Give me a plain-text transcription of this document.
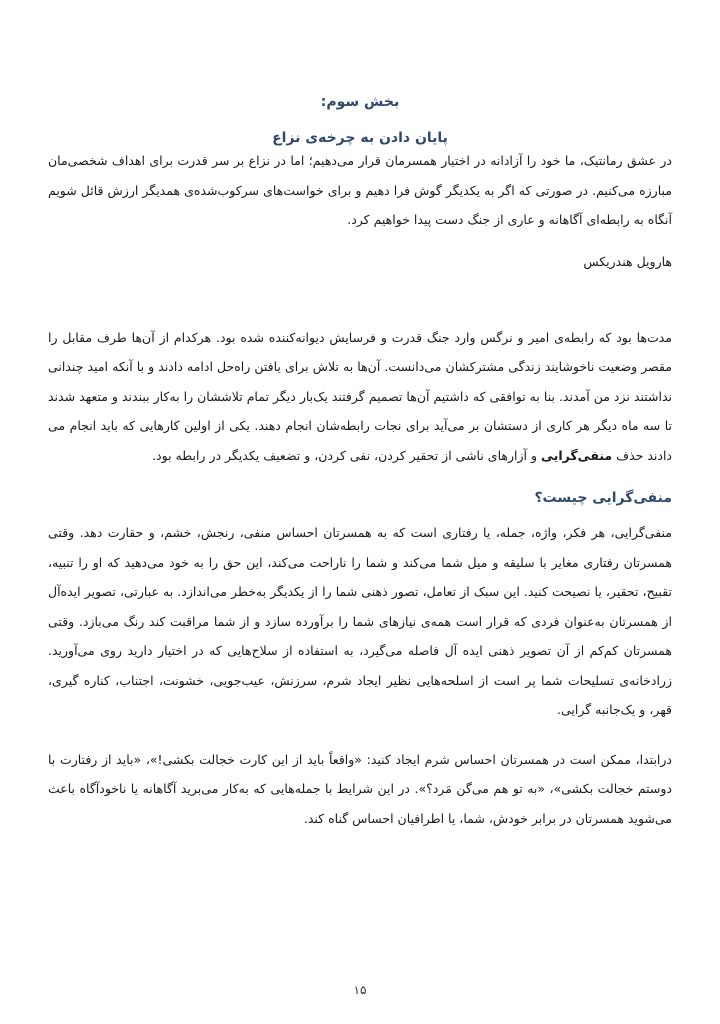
بخش سوم:
پایان دادن به چرخه‌ی نزاع

در عشق رمانتیک، ما خود را آزادانه در اختیار همسرمان قرار می‌دهیم؛ اما در نزاع بر سر قدرت برای اهداف شخصی‌مان مبارزه می‌کنیم. در صورتی که اگر به یکدیگر گوش فرا دهیم و برای خواست‌های سرکوب‌شده‌ی همدیگر ارزش قائل شویم آنگاه به رابطه‌ای آگاهانه و عاری از جنگ دست پیدا خواهیم کرد.

هارویل هندریکس

مدت‌ها بود که رابطه‌ی امیر و نرگس وارد جنگ قدرت و فرسایش دیوانه‌کننده شده بود. هرکدام از آن‌ها طرف مقابل را مقصر وضعیت ناخوشایند زندگی مشترکشان می‌دانست. آن‌ها به تلاش برای یافتن راه‌حل ادامه دادند و با آنکه امید چندانی نداشتند نزد من آمدند. بنا به توافقی که داشتیم آن‌ها تصمیم گرفتند یک‌بار دیگر تمام تلاششان را به‌کار ببندند و متعهد شدند تا سه ماه دیگر هر کاری از دستشان بر می‌آید برای نجات رابطه‌شان انجام دهند. یکی از اولین کارهایی که باید انجام می دادند حذف منفی‌گرایی و آزارهای ناشی از تحقیر کردن، نفی کردن، و تضعیف یکدیگر در رابطه بود.

منفی‌گرایی چیست؟

منفی‌گرایی، هر فکر، واژه، جمله، یا رفتاری است که به همسرتان احساس منفی، رنجش، خشم، و حقارت دهد. وقتی همسرتان رفتاری مغایر با سلیقه و میل شما می‌کند و شما را ناراحت می‌کند، این حق را به خود می‌دهید که او را تنبیه، تقبیح، تحقیر، یا نصیحت کنید. این سبک از تعامل، تصور ذهنی شما را از یکدیگر به‌خطر می‌اندازد. به عبارتی، تصویر ایده‌آل از همسرتان به‌عنوان فردی که قرار است همه‌ی نیازهای شما را برآورده سازد و از شما مراقبت کند رنگ می‌بازد. وقتی همسرتان کم‌کم از آن تصویر ذهنی ایده آل فاصله می‌گیرد، به استفاده از سلاح‌هایی که در اختیار دارید روی می‌آورید. زرادخانه‌ی تسلیحات شما پر است از اسلحه‌هایی نظیر ایجاد شرم، سرزنش، عیب‌جویی، خشونت، اجتناب، کناره گیری، قهر، و یک‌جانبه گرایی.

درابتدا، ممکن است در همسرتان احساس شرم ایجاد کنید: «واقعاً باید از این کارت خجالت بکشی!»، «باید از رفتارت با دوستم خجالت بکشی»، «به تو هم می‌گن مَرد؟». در این شرایط با جمله‌هایی که به‌کار می‌برید آگاهانه یا ناخودآگاه باعث می‌شوید همسرتان در برابر خودش، شما، یا اطرافیان احساس گناه کند.

۱۵
